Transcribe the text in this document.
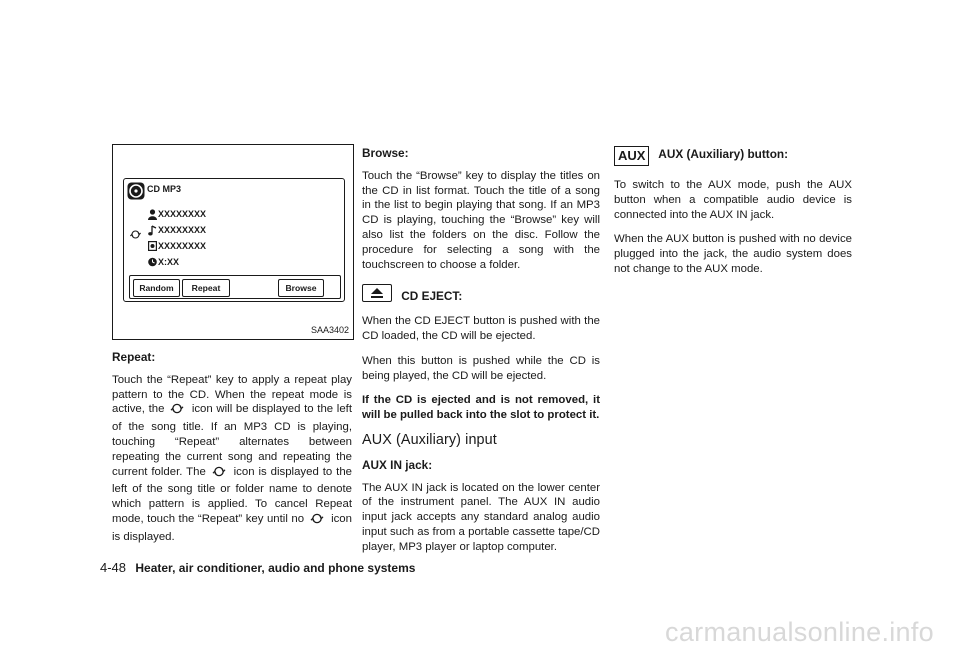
CD MP3
XXXXXXXX
XXXXXXXX
XXXXXXXX
X:XX
Random	Repeat	Browse
SAA3402
Repeat:

Touch the “Repeat” key to apply a repeat play pattern to the CD. When the repeat mode is active, the icon will be displayed to the left of the song title. If an MP3 CD is playing, touching “Repeat” alternates between repeating the current song and repeating the current folder. The icon is displayed to the left of the song title or folder name to denote which pattern is applied. To cancel Repeat mode, touch the “Repeat” key until no icon is displayed.

Browse:

Touch the “Browse” key to display the titles on the CD in list format. Touch the title of a song in the list to begin playing that song. If an MP3 CD is playing, touching the “Browse” key will also list the folders on the disc. Follow the procedure for selecting a song with the touchscreen to choose a folder.

CD EJECT:

When the CD EJECT button is pushed with the CD loaded, the CD will be ejected.

When this button is pushed while the CD is being played, the CD will be ejected.

If the CD is ejected and is not removed, it will be pulled back into the slot to protect it.

AUX (Auxiliary) input
AUX IN jack:

The AUX IN jack is located on the lower center of the instrument panel. The AUX IN audio input jack accepts any standard analog audio input such as from a portable cassette tape/CD player, MP3 player or laptop computer.

AUX AUX (Auxiliary) button:

To switch to the AUX mode, push the AUX button when a compatible audio device is connected into the AUX IN jack.

When the AUX button is pushed with no device plugged into the jack, the audio system does not change to the AUX mode.

4-48 Heater, air conditioner, audio and phone systems
carmanualsonline.info
